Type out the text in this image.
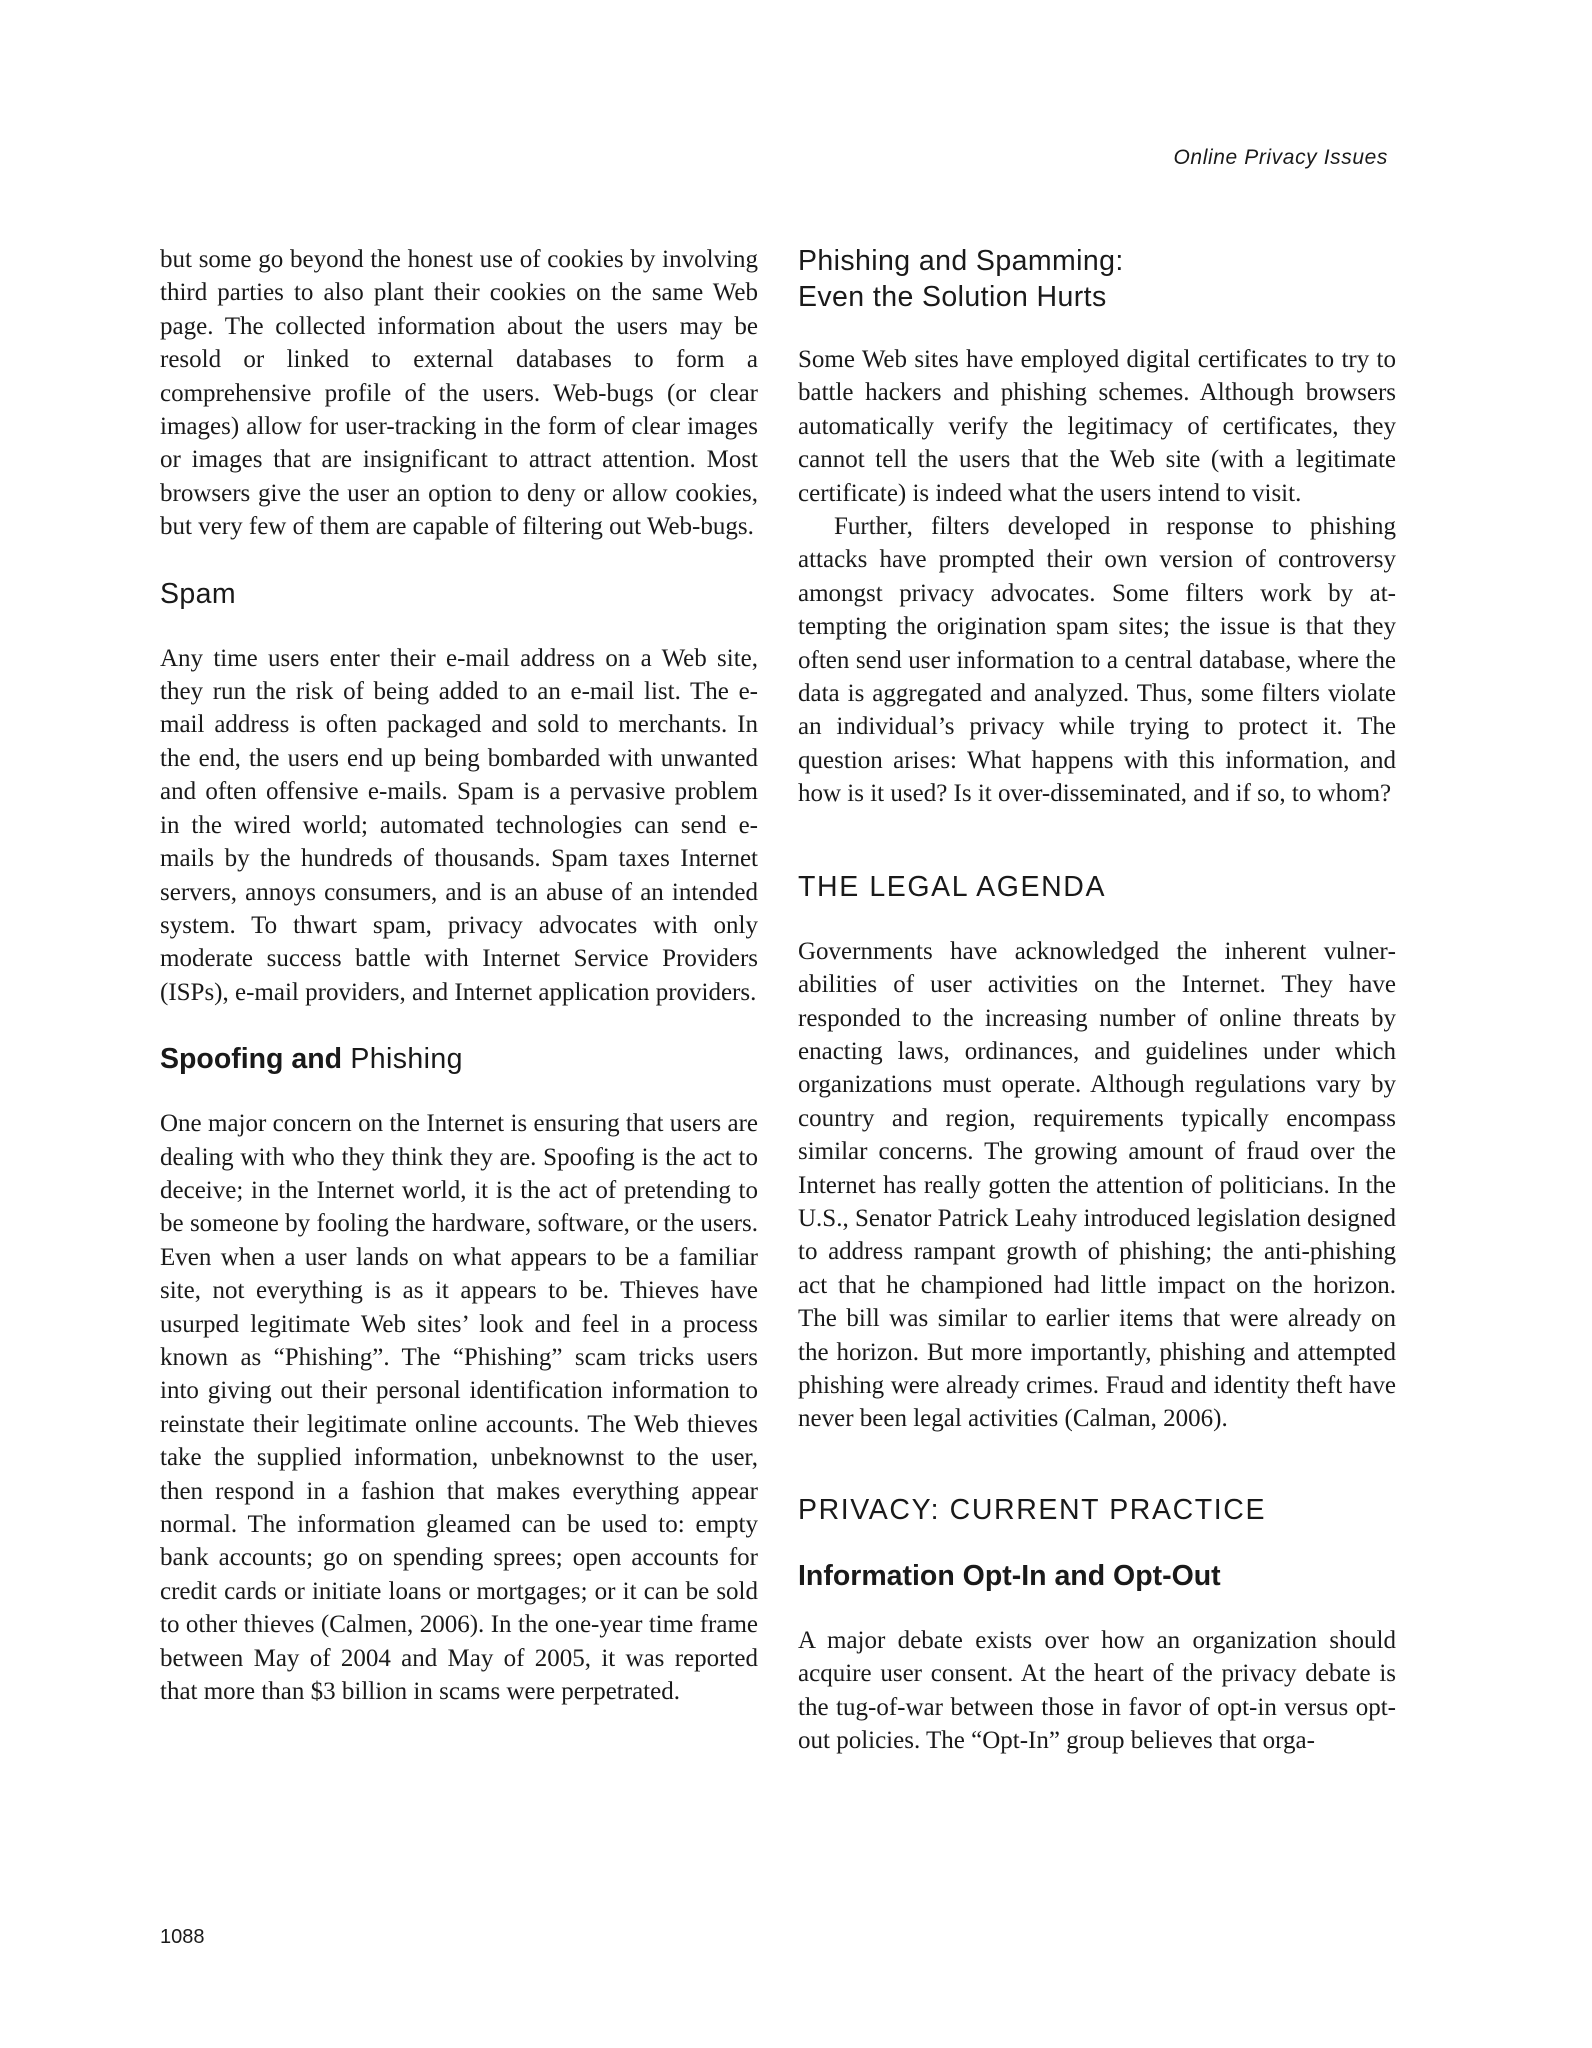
Online Privacy Issues

but some go beyond the honest use of cookies by involving third parties to also plant their cookies on the same Web page. The collected information about the users may be resold or linked to external databases to form a comprehensive profile of the users. Web-bugs (or clear images) allow for user-tracking in the form of clear images or images that are insignificant to attract attention. Most browsers give the user an option to deny or allow cookies, but very few of them are capable of filtering out Web-bugs.

Spam

Any time users enter their e-mail address on a Web site, they run the risk of being added to an e-mail list. The e-mail address is often packaged and sold to merchants. In the end, the users end up being bombarded with unwanted and often offensive e-mails. Spam is a pervasive problem in the wired world; automated technologies can send e-mails by the hundreds of thousands. Spam taxes Internet servers, annoys consumers, and is an abuse of an intended system. To thwart spam, privacy advocates with only moderate success battle with Internet Service Providers (ISPs), e-mail providers, and Internet application providers.

Spoofing and Phishing

One major concern on the Internet is ensuring that users are dealing with who they think they are. Spoofing is the act to deceive; in the Internet world, it is the act of pretending to be someone by fooling the hardware, software, or the users. Even when a user lands on what appears to be a familiar site, not everything is as it appears to be. Thieves have usurped legitimate Web sites’ look and feel in a process known as “Phishing”. The “Phishing” scam tricks users into giving out their personal identification information to reinstate their legitimate online accounts. The Web thieves take the supplied information, unbeknownst to the user, then respond in a fashion that makes everything appear normal. The information gleamed can be used to: empty bank accounts; go on spending sprees; open accounts for credit cards or initiate loans or mortgages; or it can be sold to other thieves (Calmen, 2006). In the one-year time frame between May of 2004 and May of 2005, it was reported that more than $3 billion in scams were perpetrated.

Phishing and Spamming:
Even the Solution Hurts

Some Web sites have employed digital certificates to try to battle hackers and phishing schemes. Although browsers automatically verify the legitimacy of certificates, they cannot tell the users that the Web site (with a legitimate certificate) is indeed what the users intend to visit.

Further, filters developed in response to phishing attacks have prompted their own version of controversy amongst privacy advocates. Some filters work by attempting the origination spam sites; the issue is that they often send user information to a central database, where the data is aggregated and analyzed. Thus, some filters violate an individual’s privacy while trying to protect it. The question arises: What happens with this information, and how is it used? Is it over-disseminated, and if so, to whom?

THE LEGAL AGENDA

Governments have acknowledged the inherent vulnerabilities of user activities on the Internet. They have responded to the increasing number of online threats by enacting laws, ordinances, and guidelines under which organizations must operate. Although regulations vary by country and region, requirements typically encompass similar concerns. The growing amount of fraud over the Internet has really gotten the attention of politicians. In the U.S., Senator Patrick Leahy introduced legislation designed to address rampant growth of phishing; the anti-phishing act that he championed had little impact on the horizon. The bill was similar to earlier items that were already on the horizon. But more importantly, phishing and attempted phishing were already crimes. Fraud and identity theft have never been legal activities (Calman, 2006).

PRIVACY: CURRENT PRACTICE
Information Opt-In and Opt-Out

A major debate exists over how an organization should acquire user consent. At the heart of the privacy debate is the tug-of-war between those in favor of opt-in versus opt-out policies. The “Opt-In” group believes that orga-

1088
